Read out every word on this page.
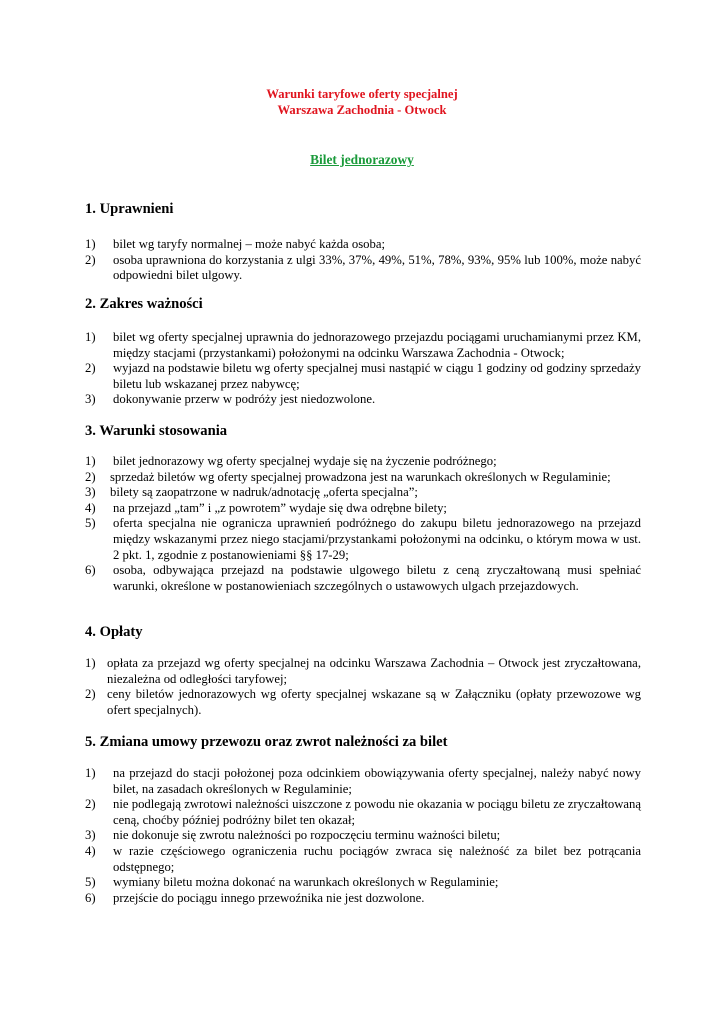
Warunki taryfowe oferty specjalnej
Warszawa Zachodnia - Otwock
Bilet jednorazowy
1. Uprawnieni
1) bilet wg taryfy normalnej – może nabyć każda osoba;
2) osoba uprawniona do korzystania z ulgi 33%, 37%, 49%, 51%, 78%, 93%, 95% lub 100%, może nabyć odpowiedni bilet ulgowy.
2. Zakres ważności
1) bilet wg oferty specjalnej uprawnia do jednorazowego przejazdu pociągami uruchamianymi przez KM, między stacjami (przystankami) położonymi na odcinku Warszawa Zachodnia - Otwock;
2) wyjazd na podstawie biletu wg oferty specjalnej musi nastąpić w ciągu 1 godziny od godziny sprzedaży biletu lub wskazanej przez nabywcę;
3) dokonywanie przerw w podróży jest niedozwolone.
3. Warunki stosowania
1) bilet jednorazowy wg oferty specjalnej wydaje się na życzenie podróżnego;
2) sprzedaż biletów wg oferty specjalnej prowadzona jest na warunkach określonych w Regulaminie;
3) bilety są zaopatrzone w nadruk/adnotację „oferta specjalna”;
4) na przejazd „tam” i „z powrotem” wydaje się dwa odrębne bilety;
5) oferta specjalna nie ogranicza uprawnień podróżnego do zakupu biletu jednorazowego na przejazd między wskazanymi przez niego stacjami/przystankami położonymi na odcinku, o którym mowa w ust. 2 pkt. 1, zgodnie z postanowieniami §§ 17-29;
6) osoba, odbywająca przejazd na podstawie ulgowego biletu z ceną zryczałtowaną musi spełniać warunki, określone w postanowieniach szczególnych o ustawowych ulgach przejazdowych.
4. Opłaty
1) opłata za przejazd wg oferty specjalnej na odcinku Warszawa Zachodnia – Otwock jest zryczałtowana, niezależna od odległości taryfowej;
2) ceny biletów jednorazowych wg oferty specjalnej wskazane są w Załączniku (opłaty przewozowe wg ofert specjalnych).
5. Zmiana umowy przewozu oraz zwrot należności za bilet
1) na przejazd do stacji położonej poza odcinkiem obowiązywania oferty specjalnej, należy nabyć nowy bilet, na zasadach określonych w Regulaminie;
2) nie podlegają zwrotowi należności uiszczone z powodu nie okazania w pociągu biletu ze zryczałtowaną ceną, choćby później podróżny bilet ten okazał;
3) nie dokonuje się zwrotu należności po rozpoczęciu terminu ważności biletu;
4) w razie częściowego ograniczenia ruchu pociągów zwraca się należność za bilet bez potrącania odstępnego;
5) wymiany biletu można dokonać na warunkach określonych w Regulaminie;
6) przejście do pociągu innego przewoźnika nie jest dozwolone.
